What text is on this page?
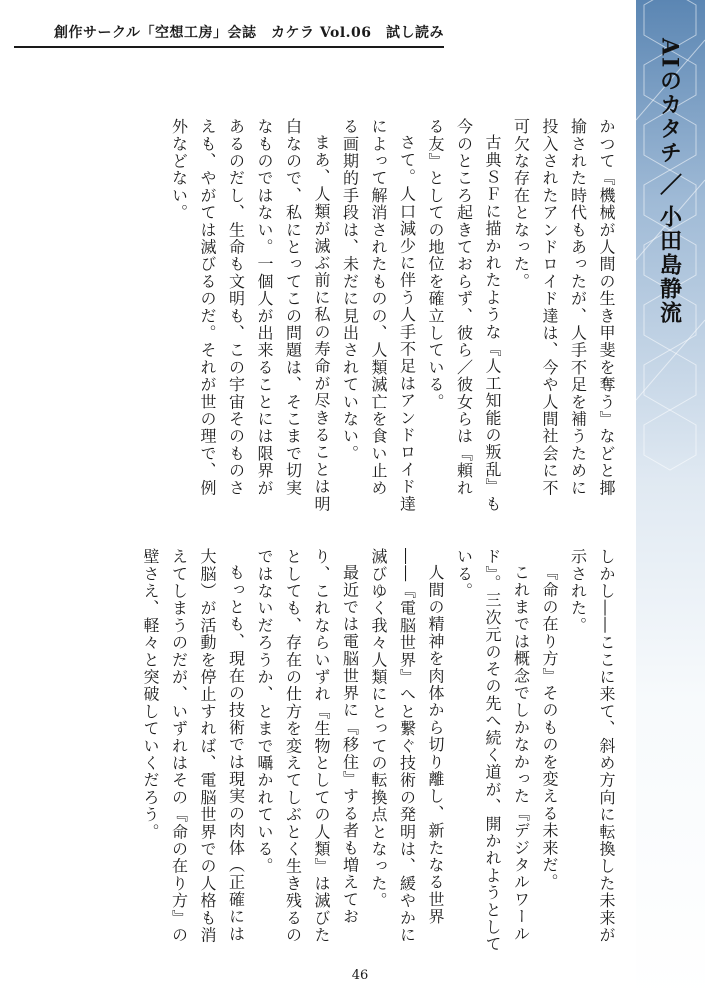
創作サークル「空想工房」会誌　カケラ Vol.06　試し読み
AIのカタチ
／
小田島静流

かつて『機械が人間の生き甲斐を奪う』などと揶揄された時代もあったが、人手不足を補うために投入されたアンドロイド達は、今や人間社会に不可欠な存在となった。

古典ＳＦに描かれたような『人工知能の叛乱』も今のところ起きておらず、彼ら／彼女らは『頼れる友』としての地位を確立している。

さて。人口減少に伴う人手不足はアンドロイド達によって解消されたものの、人類滅亡を食い止める画期的手段は、未だに見出されていない。

まあ、人類が滅ぶ前に私の寿命が尽きることは明白なので、私にとってこの問題は、そこまで切実なものではない。一個人が出来ることには限界があるのだし、生命も文明も、この宇宙そのものさえも、やがては滅びるのだ。それが世の理で、例外などない。

しかし――ここに来て、斜め方向に転換した未来が示された。

『命の在り方』そのものを変える未来だ。

これまでは概念でしかなかった『デジタルワールド』。三次元のその先へ続く道が、開かれようとしている。

人間の精神を肉体から切り離し、新たなる世界――『電脳世界』へと繋ぐ技術の発明は、緩やかに滅びゆく我々人類にとっての転換点となった。

最近では電脳世界に『移住』する者も増えており、これならいずれ『生物としての人類』は滅びたとしても、存在の仕方を変えてしぶとく生き残るのではないだろうか、とまで囁かれている。

もっとも、現在の技術では現実の肉体（正確には大脳）が活動を停止すれば、電脳世界での人格も消えてしまうのだが、いずれはその『命の在り方』の壁さえ、軽々と突破していくだろう。

46
